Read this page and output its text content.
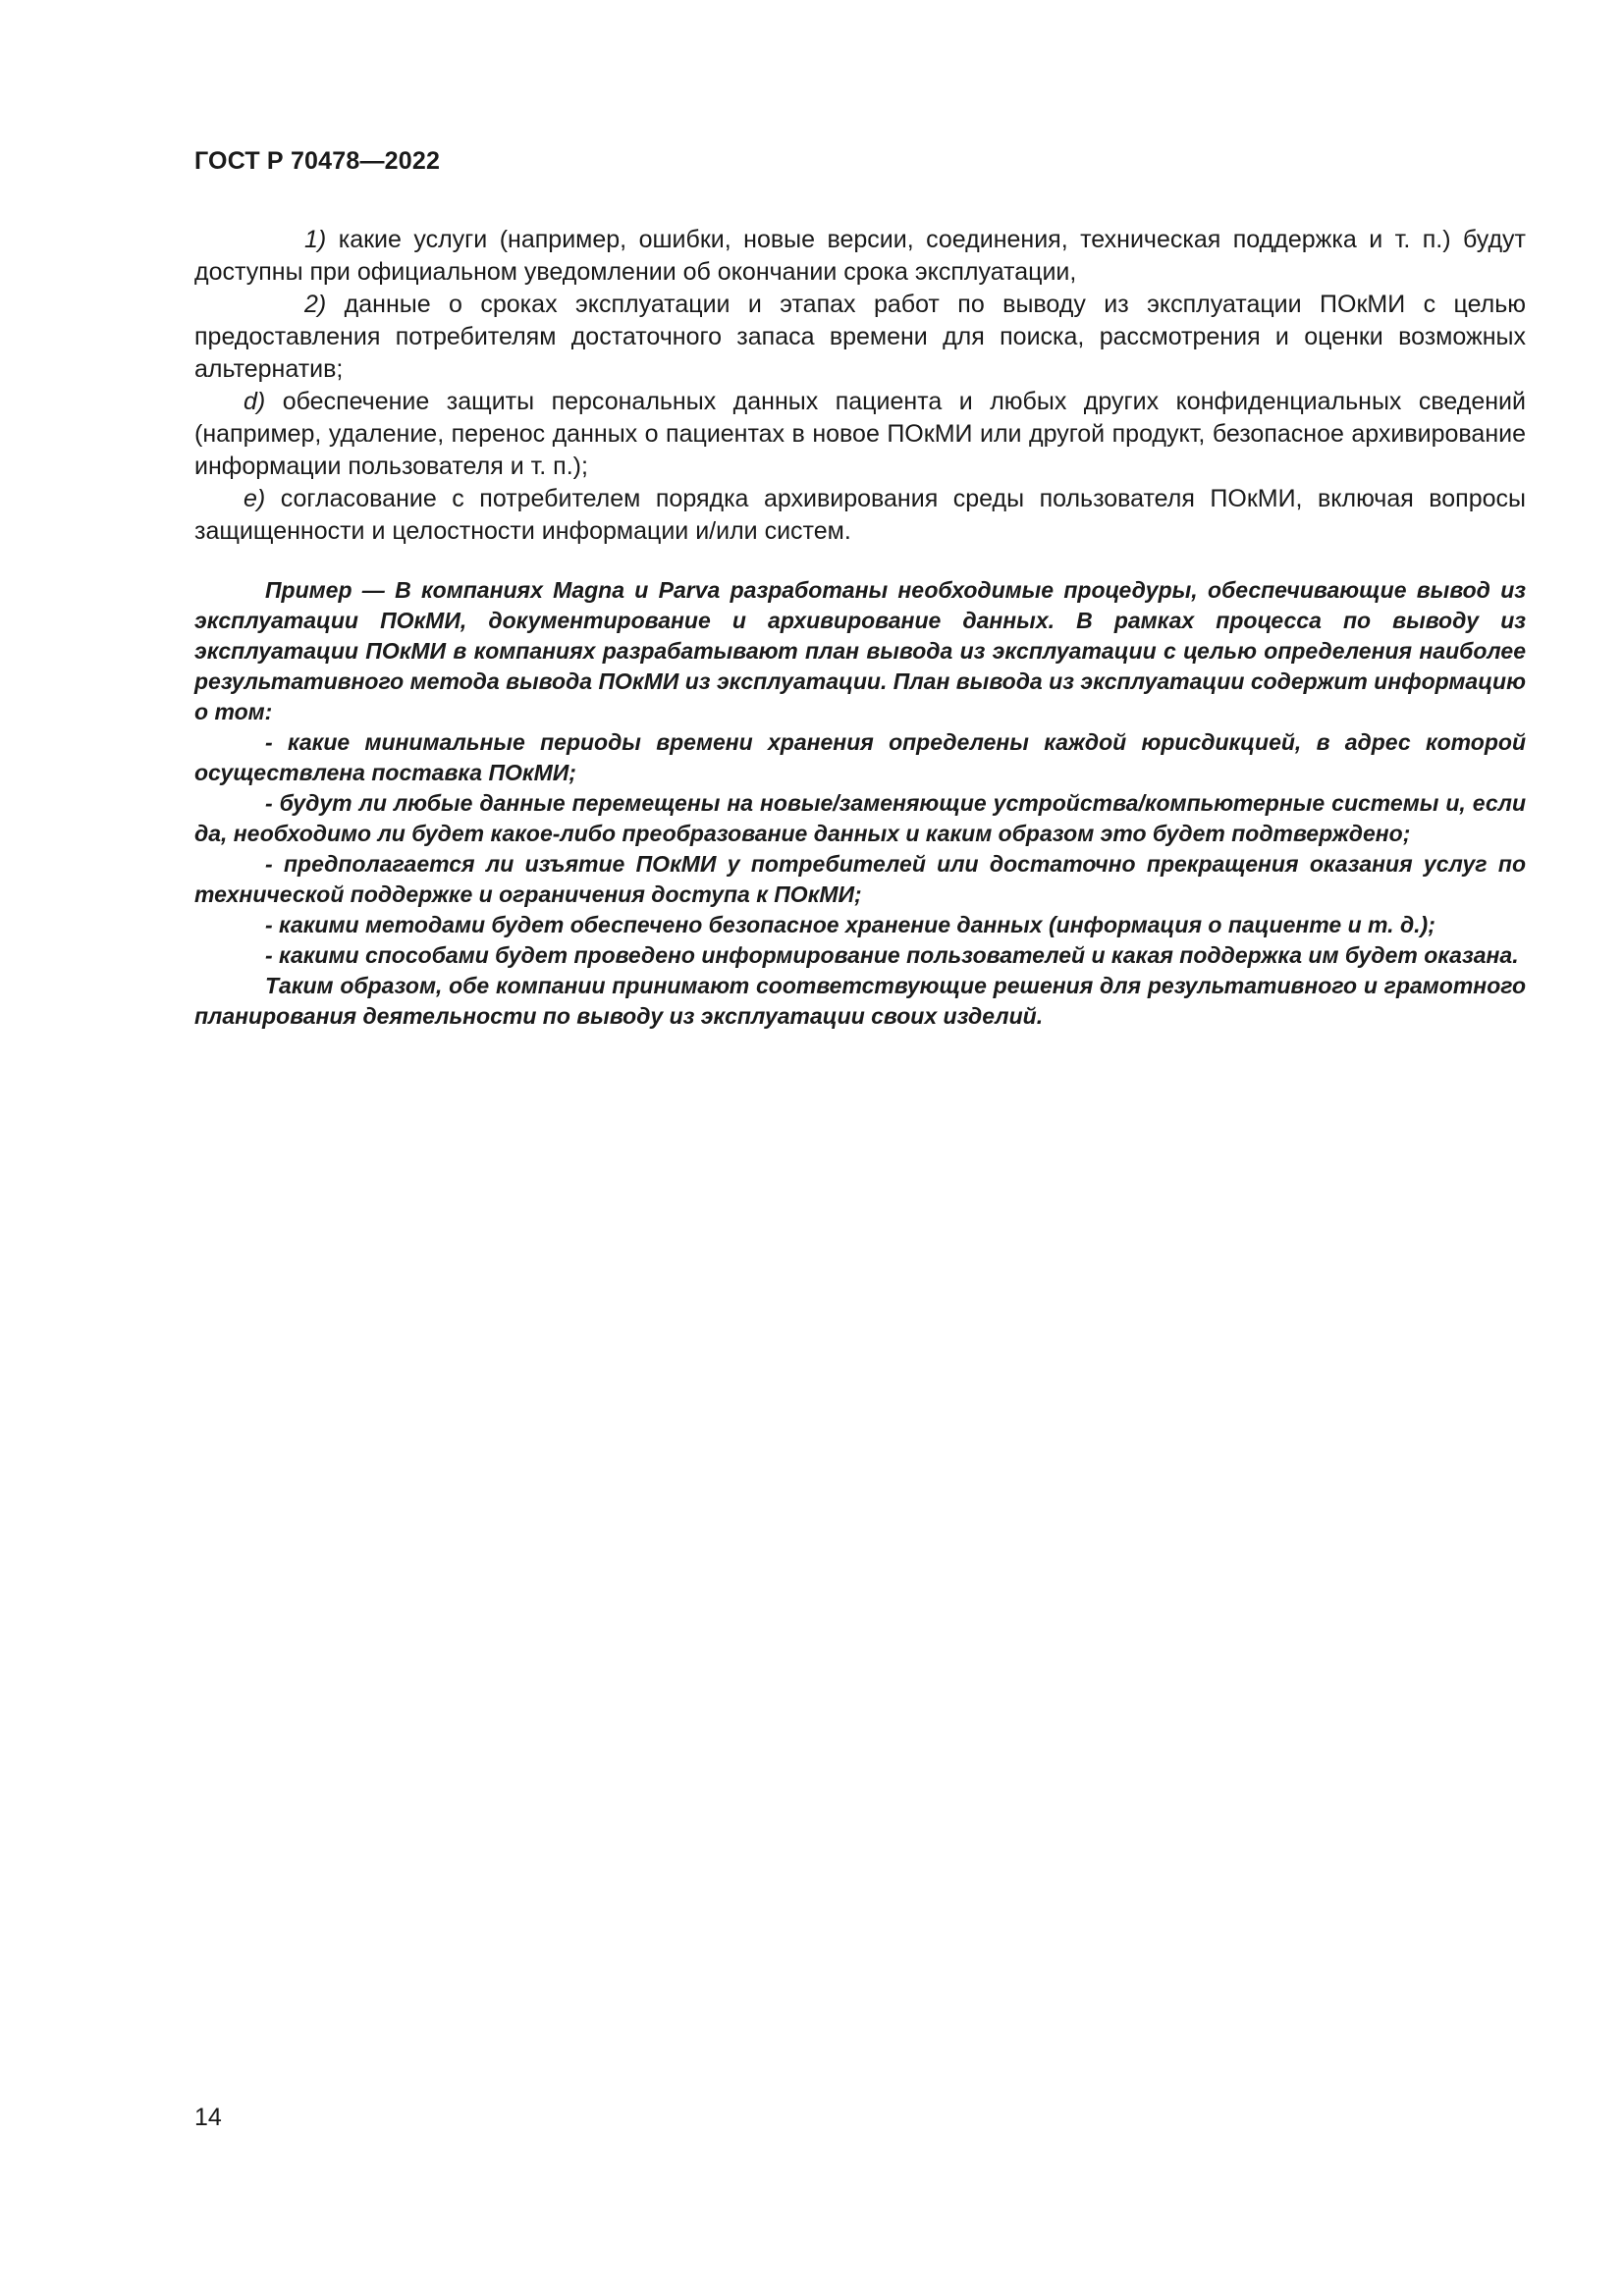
ГОСТ Р 70478—2022

1) какие услуги (например, ошибки, новые версии, соединения, техническая поддержка и т. п.) будут доступны при официальном уведомлении об окончании срока эксплуатации,

2) данные о сроках эксплуатации и этапах работ по выводу из эксплуатации ПОкМИ с целью предоставления потребителям достаточного запаса времени для поиска, рассмотрения и оценки возможных альтернатив;

d) обеспечение защиты персональных данных пациента и любых других конфиденциальных сведений (например, удаление, перенос данных о пациентах в новое ПОкМИ или другой продукт, безопасное архивирование информации пользователя и т. п.);

е) согласование с потребителем порядка архивирования среды пользователя ПОкМИ, включая вопросы защищенности и целостности информации и/или систем.

Пример — В компаниях Magna и Parva разработаны необходимые процедуры, обеспечивающие вывод из эксплуатации ПОкМИ, документирование и архивирование данных. В рамках процесса по выводу из эксплуатации ПОкМИ в компаниях разрабатывают план вывода из эксплуатации с целью определения наиболее результативного метода вывода ПОкМИ из эксплуатации. План вывода из эксплуатации содержит информацию о том:

- какие минимальные периоды времени хранения определены каждой юрисдикцией, в адрес которой осуществлена поставка ПОкМИ;

- будут ли любые данные перемещены на новые/заменяющие устройства/компьютерные системы и, если да, необходимо ли будет какое-либо преобразование данных и каким образом это будет подтверждено;

- предполагается ли изъятие ПОкМИ у потребителей или достаточно прекращения оказания услуг по технической поддержке и ограничения доступа к ПОкМИ;

- какими методами будет обеспечено безопасное хранение данных (информация о пациенте и т. д.);

- какими способами будет проведено информирование пользователей и какая поддержка им будет оказана.

Таким образом, обе компании принимают соответствующие решения для результативного и грамотного планирования деятельности по выводу из эксплуатации своих изделий.

14
